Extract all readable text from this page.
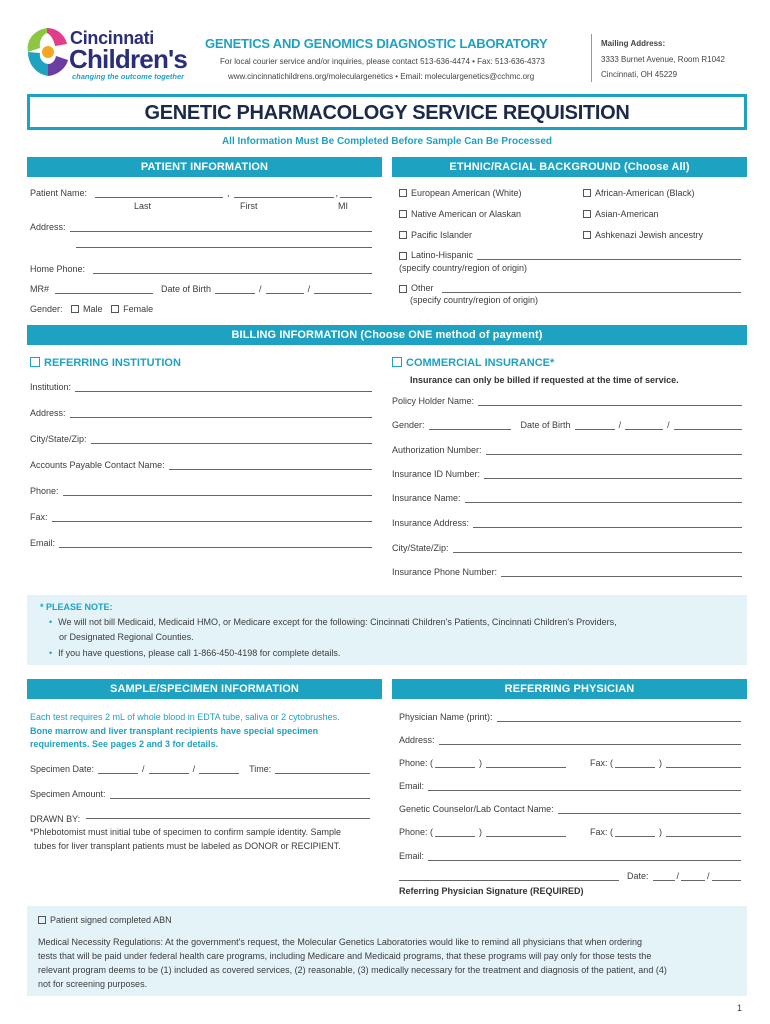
Cincinnati
Children's
changing the outcome together
GENETICS AND GENOMICS DIAGNOSTIC LABORATORY
For local courier service and/or inquiries, please contact 513-636-4474 • Fax: 513-636-4373
www.cincinnatichildrens.org/moleculargenetics • Email: moleculargenetics@cchmc.org
Mailing Address:
3333 Burnet Avenue, Room R1042
Cincinnati, OH 45229
GENETIC PHARMACOLOGY SERVICE REQUISITION
All Information Must Be Completed Before Sample Can Be Processed
PATIENT INFORMATION
Patient Name:	,	,
Last	First	MI
Address:
Home Phone:
MR#	Date of Birth	/	/
Gender: Male Female
ETHNIC/RACIAL BACKGROUND (Choose All)
European American (White)	African-American (Black)
Native American or Alaskan	Asian-American
Pacific Islander	Ashkenazi Jewish ancestry
Latino-Hispanic
(specify country/region of origin)
Other
(specify country/region of origin)
BILLING INFORMATION (Choose ONE method of payment)
REFERRING INSTITUTION
Institution:
Address:
City/State/Zip:
Accounts Payable Contact Name:
Phone:
Fax:
Email:
COMMERCIAL INSURANCE*
Insurance can only be billed if requested at the time of service.
Policy Holder Name:
Gender:	Date of Birth	/	/
Authorization Number:
Insurance ID Number:
Insurance Name:
Insurance Address:
City/State/Zip:
Insurance Phone Number:
* PLEASE NOTE:
• We will not bill Medicaid, Medicaid HMO, or Medicare except for the following: Cincinnati Children's Patients, Cincinnati Children's Providers,
or Designated Regional Counties.
• If you have questions, please call 1-866-450-4198 for complete details.
SAMPLE/SPECIMEN INFORMATION
Each test requires 2 mL of whole blood in EDTA tube, saliva or 2 cytobrushes.
Bone marrow and liver transplant recipients have special specimen
requirements. See pages 2 and 3 for details.
Specimen Date:	/	/	Time:
Specimen Amount:
DRAWN BY:
*Phlebotomist must initial tube of specimen to confirm sample identity. Sample
tubes for liver transplant patients must be labeled as DONOR or RECIPIENT.
REFERRING PHYSICIAN
Physician Name (print):
Address:
Phone: (	)	Fax: (	)
Email:
Genetic Counselor/Lab Contact Name:
Phone: (	)	Fax: (	)
Email:
Date:	/	/
Referring Physician Signature (REQUIRED)
Patient signed completed ABN
Medical Necessity Regulations: At the government's request, the Molecular Genetics Laboratories would like to remind all physicians that when ordering
tests that will be paid under federal health care programs, including Medicare and Medicaid programs, that these programs will pay only for those tests the
relevant program deems to be (1) included as covered services, (2) reasonable, (3) medically necessary for the treatment and diagnosis of the patient, and (4)
not for screening purposes.
1
